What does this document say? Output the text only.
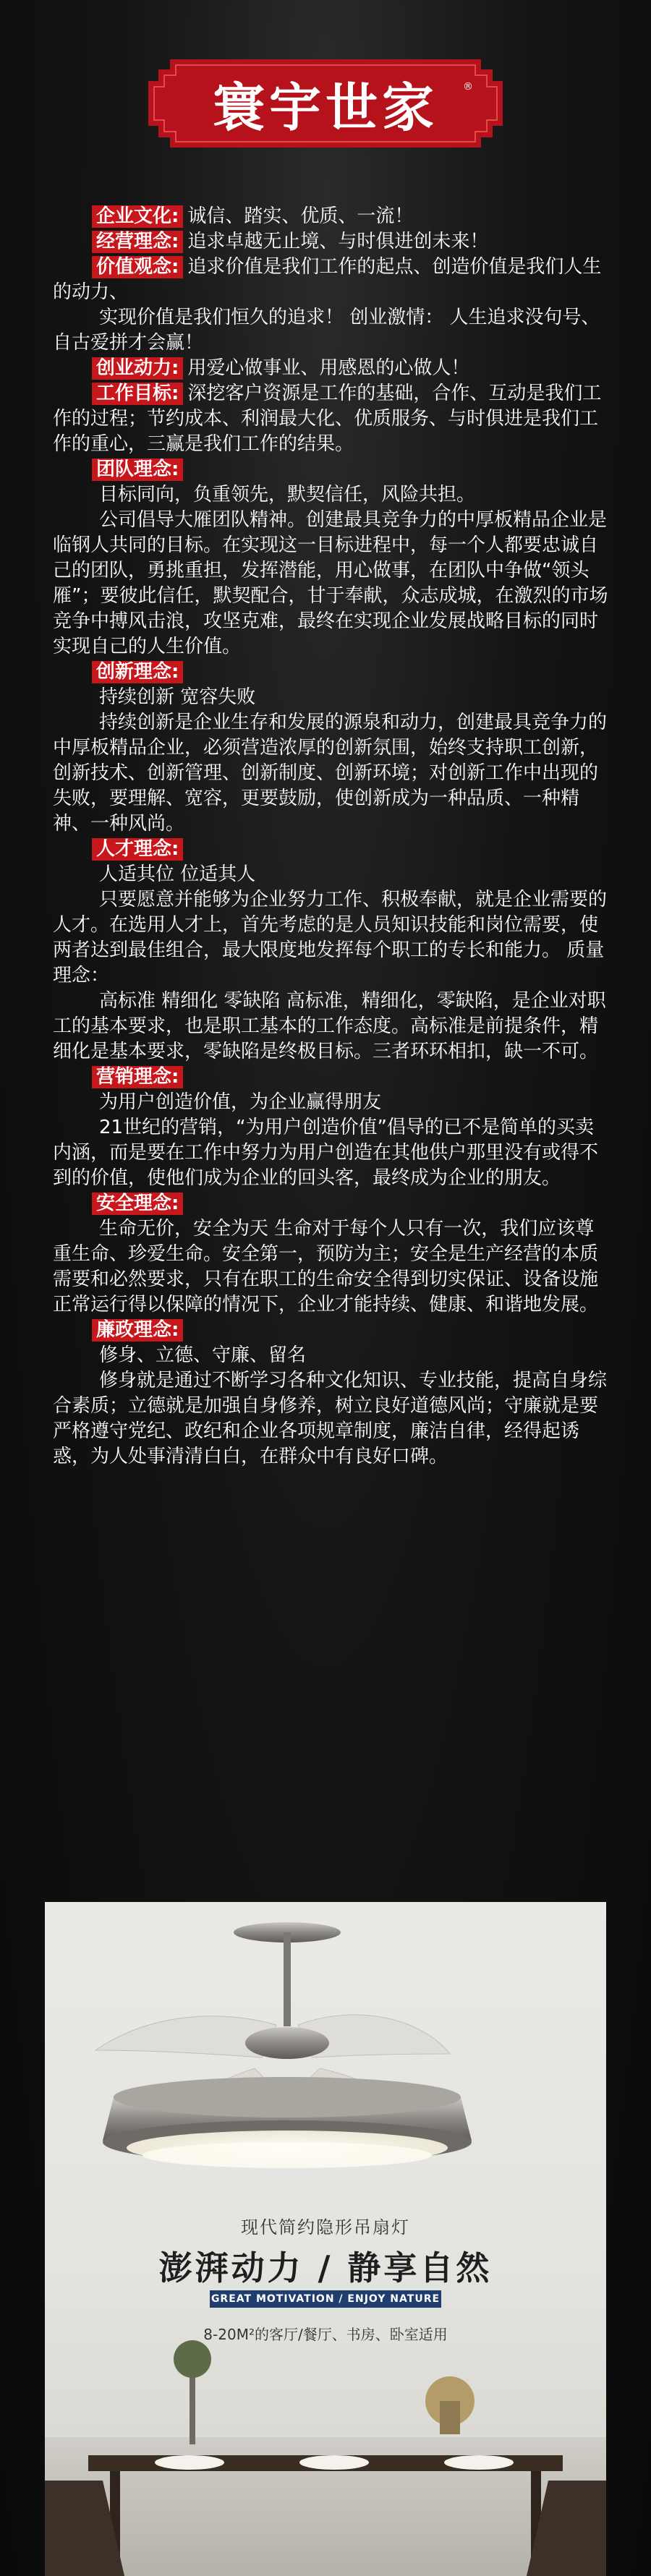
寰宇世家	®

企业文化: 诚信、踏实、优质、一流！

经营理念: 追求卓越无止境、与时俱进创未来！

价值观念: 追求价值是我们工作的起点、创造价值是我们人生的动力、

实现价值是我们恒久的追求！ 创业激情： 人生追求没句号、自古爱拼才会赢！

创业动力: 用爱心做事业、用感恩的心做人！

工作目标: 深挖客户资源是工作的基础，合作、互动是我们工作的过程；节约成本、利润最大化、优质服务、与时俱进是我们工作的重心，三赢是我们工作的结果。

团队理念:

目标同向，负重领先，默契信任，风险共担。

公司倡导大雁团队精神。创建最具竞争力的中厚板精品企业是临钢人共同的目标。在实现这一目标进程中，每一个人都要忠诚自己的团队，勇挑重担，发挥潜能，用心做事，在团队中争做“领头雁”；要彼此信任，默契配合，甘于奉献，众志成城，在激烈的市场竞争中搏风击浪，攻坚克难，最终在实现企业发展战略目标的同时实现自己的人生价值。

创新理念:

持续创新 宽容失败

持续创新是企业生存和发展的源泉和动力，创建最具竞争力的中厚板精品企业，必须营造浓厚的创新氛围，始终支持职工创新，创新技术、创新管理、创新制度、创新环境；对创新工作中出现的失败，要理解、宽容，更要鼓励，使创新成为一种品质、一种精神、一种风尚。

人才理念:

人适其位 位适其人

只要愿意并能够为企业努力工作、积极奉献，就是企业需要的人才。在选用人才上，首先考虑的是人员知识技能和岗位需要，使两者达到最佳组合，最大限度地发挥每个职工的专长和能力。 质量理念：

高标准 精细化 零缺陷 高标准，精细化，零缺陷，是企业对职工的基本要求，也是职工基本的工作态度。高标准是前提条件，精细化是基本要求，零缺陷是终极目标。三者环环相扣，缺一不可。

营销理念:

为用户创造价值，为企业赢得朋友

21世纪的营销，“为用户创造价值”倡导的已不是简单的买卖内涵，而是要在工作中努力为用户创造在其他供户那里没有或得不到的价值，使他们成为企业的回头客，最终成为企业的朋友。

安全理念:

生命无价，安全为天 生命对于每个人只有一次，我们应该尊重生命、珍爱生命。安全第一，预防为主；安全是生产经营的本质需要和必然要求，只有在职工的生命安全得到切实保证、设备设施正常运行得以保障的情况下，企业才能持续、健康、和谐地发展。

廉政理念:

修身、立德、守廉、留名

修身就是通过不断学习各种文化知识、专业技能，提高自身综合素质；立德就是加强自身修养，树立良好道德风尚；守廉就是要严格遵守党纪、政纪和企业各项规章制度，廉洁自律，经得起诱惑，为人处事清清白白，在群众中有良好口碑。

现代简约隐形吊扇灯
澎湃动力 / 静享自然
GREAT MOTIVATION / ENJOY NATURE
8-20M²的客厅/餐厅、书房、卧室适用
